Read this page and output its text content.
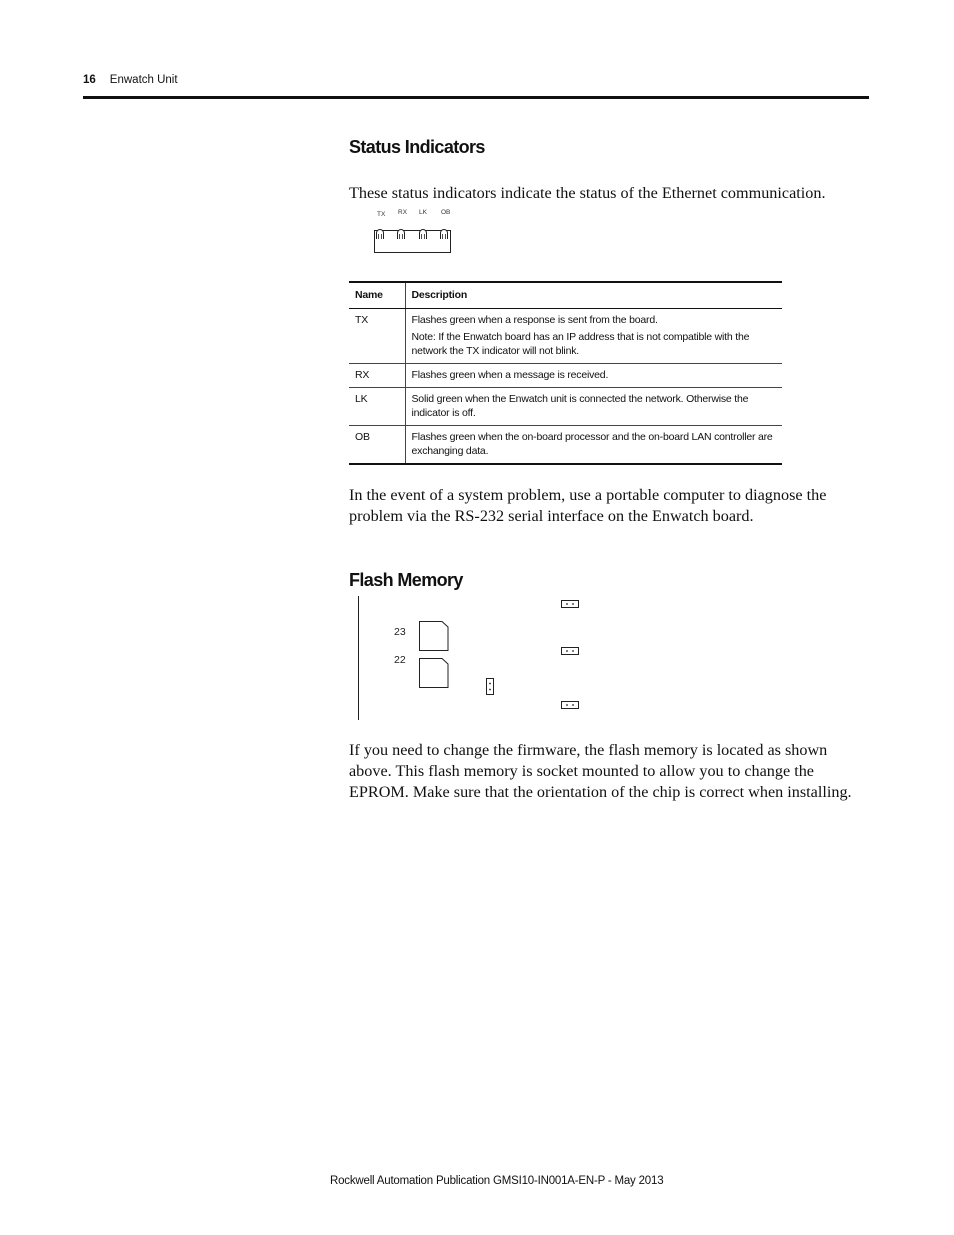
16 Enwatch Unit
Status Indicators

These status indicators indicate the status of the Ethernet communication.

TX RX LK OB
Name	Description
TX	Flashes green when a response is sent from the board.

Note: If the Enwatch board has an IP address that is not compatible with the network the TX indicator will not blink.

RX	Flashes green when a message is received.
LK	Solid green when the Enwatch unit is connected the network. Otherwise the indicator is off.
OB	Flashes green when the on-board processor and the on-board LAN controller are exchanging data.

In the event of a system problem, use a portable computer to diagnose the problem via the RS-232 serial interface on the Enwatch board.

Flash Memory
23
22

If you need to change the firmware, the flash memory is located as shown above. This flash memory is socket mounted to allow you to change the EPROM. Make sure that the orientation of the chip is correct when installing.

Rockwell Automation Publication GMSI10-IN001A-EN-P - May 2013
